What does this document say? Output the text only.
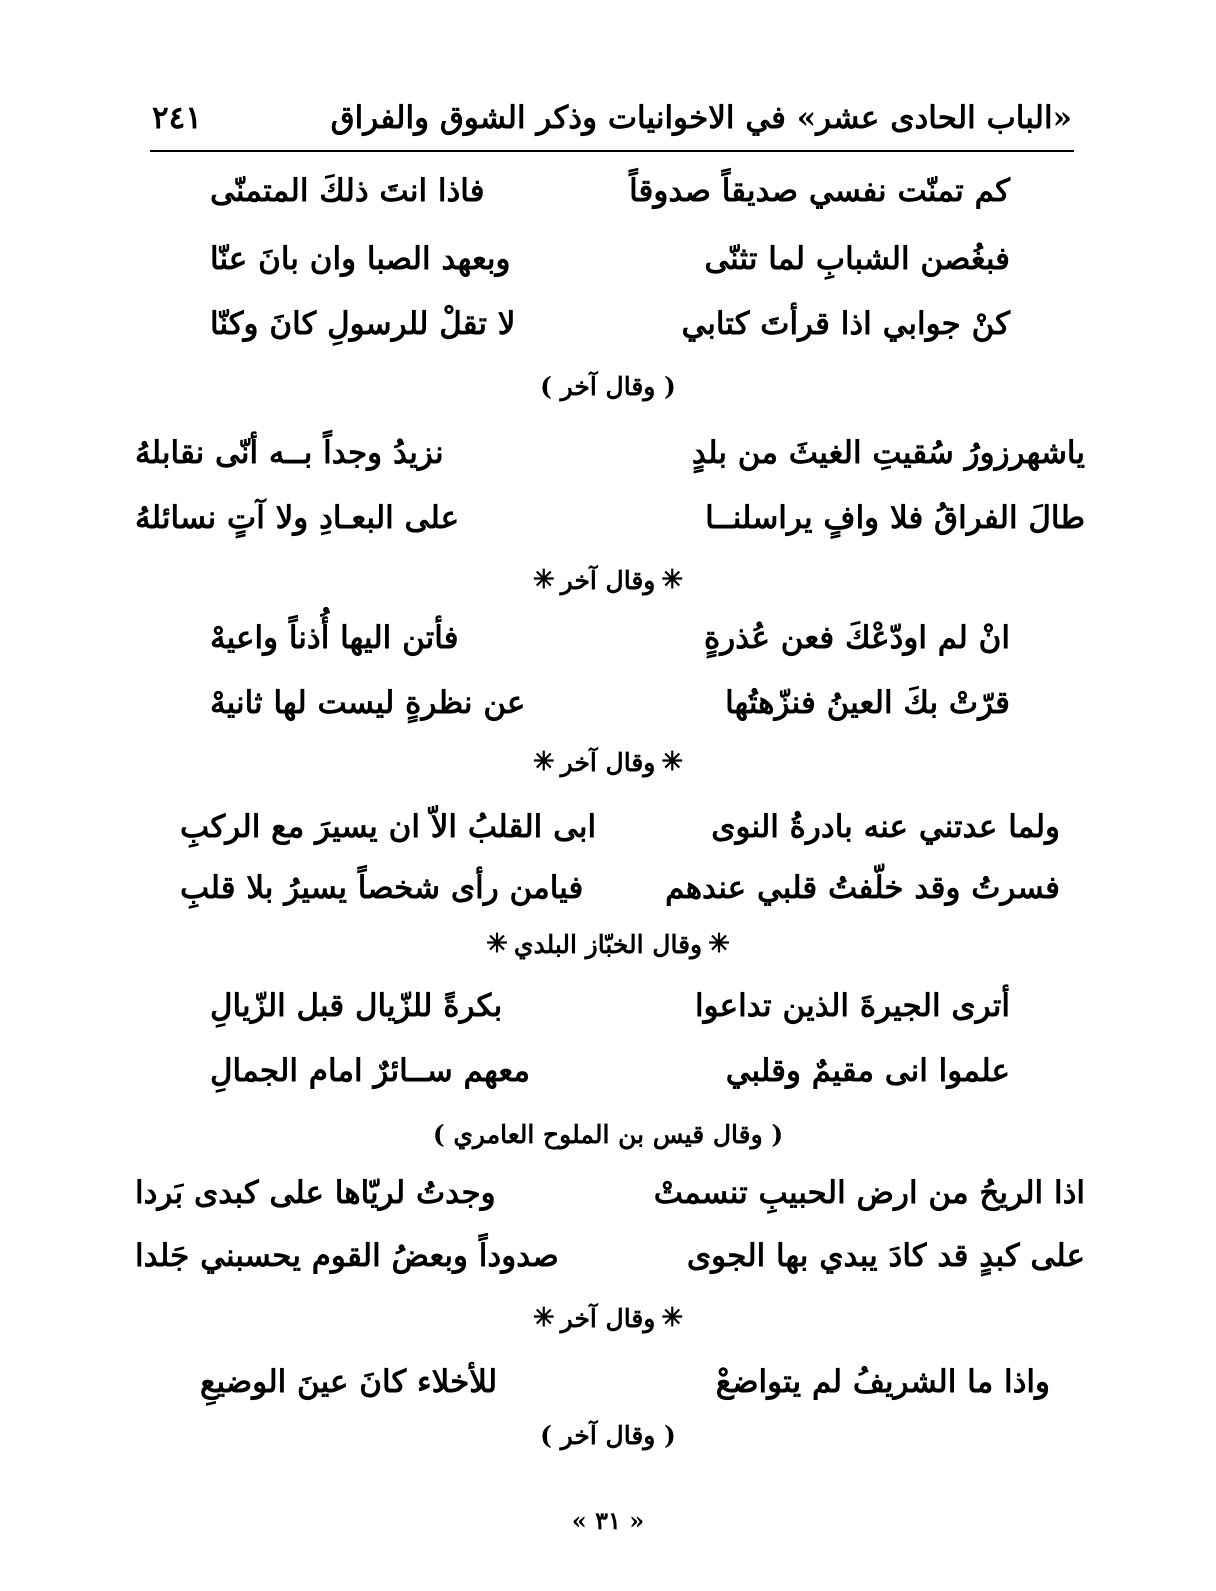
«الباب الحادى عشر» في الاخوانيات وذكر الشوق والفراق
٢٤١
كم تمنّت نفسي صديقاً صدوقاً
فاذا انتَ ذلكَ المتمنّى
فبغُصن الشبابِ لما تثنّى
وبعهد الصبا وان بانَ عنّا
كنْ جوابي اذا قرأتَ كتابي
لا تقلْ للرسولِ كانَ وكنّا
( وقال آخر )
ياشهرزورُ سُقيتِ الغيثَ من بلدٍ
نزيدُ وجداً بــه أنّى نقابلهُ
طالَ الفراقُ فلا وافٍ يراسلنــا
على البعـادِ ولا آتٍ نسائلهُ
✳
وقال آخر
✳
انْ لم اودّعْكَ فعن عُذرةٍ
فأتن اليها أُذناً واعيهْ
قرّتْ بكَ العينُ فنزّهتُها
عن نظرةٍ ليست لها ثانيهْ
✳
وقال آخر
✳
ولما عدتني عنه بادرةُ النوى
ابى القلبُ الاّ ان يسيرَ مع الركبِ
فسرتُ وقد خلّفتُ قلبي عندهم
فيامن رأى شخصاً يسيرُ بلا قلبِ
✳
وقال الخبّاز البلدي
✳
أترى الجيرةَ الذين تداعوا
بكرةً للزّيال قبل الزّيالِ
علموا انى مقيمٌ وقلبي
معهم ســائرٌ امام الجمالِ
( وقال قيس بن الملوح العامري )
اذا الريحُ من ارض الحبيبِ تنسمتْ
وجدتُ لريّاها على كبدى بَردا
على كبدٍ قد كادَ يبدي بها الجوى
صدوداً وبعضُ القوم يحسبني جَلدا
✳
وقال آخر
✳
واذا ما الشريفُ لم يتواضعْ
للأخلاء كانَ عينَ الوضيعِ
( وقال آخر )
« ٣١ »
